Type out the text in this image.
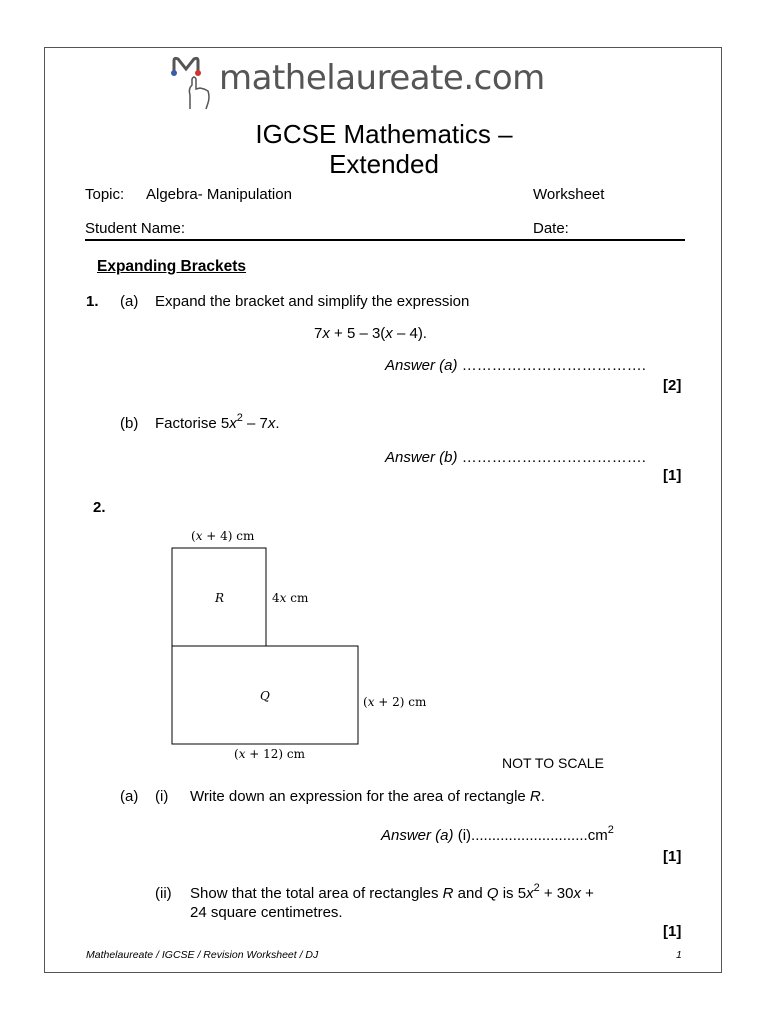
mathelaureate.com
IGCSE Mathematics –
Extended
Topic: Algebra- Manipulation	Worksheet
Student Name:	Date:
Expanding Brackets
1. (a) Expand the bracket and simplify the expression
7x + 5 – 3(x – 4).
Answer (a) ……………………………….
[2]
(b) Factorise $5x^2 - 7x$.
Answer (b) ……………………………….
[1]
2.
(x + 4) cm
R	4x cm
Q	(x + 2) cm
(x + 12) cm
NOT TO SCALE
(a) (i) Write down an expression for the area of rectangle R.
Answer (a) $(i)............................cm^2$
[1]
(ii) Show that the total area of rectangles R and Q is $5x^2 + 30x$ +
24 square centimetres.
[1]
Mathelaureate / IGCSE / Revision Worksheet / DJ	1
